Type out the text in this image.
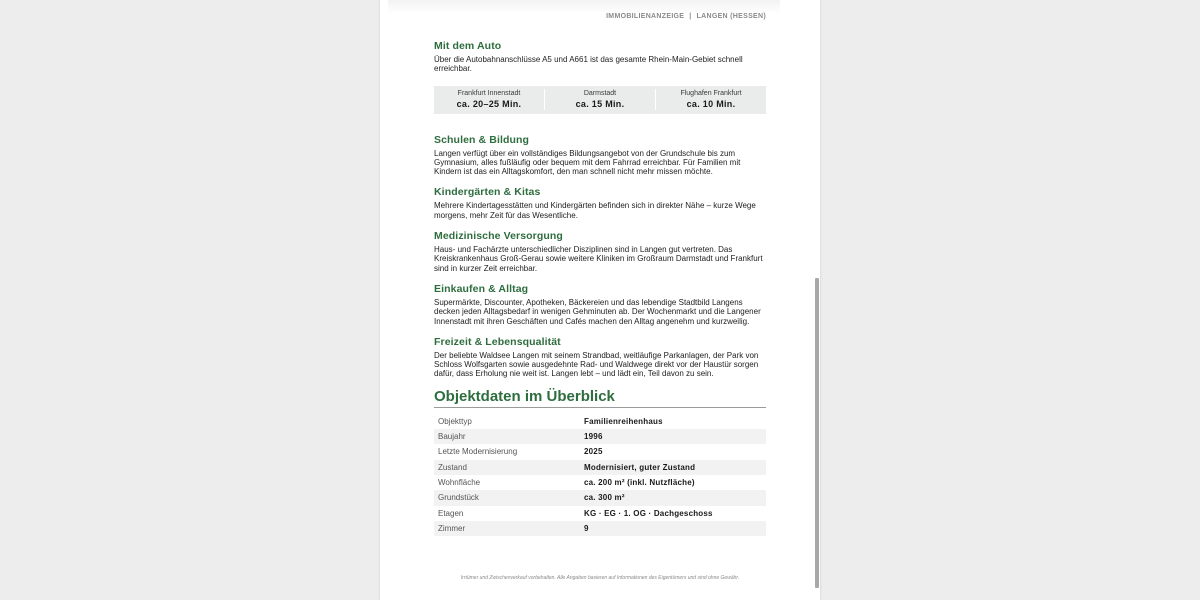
IMMOBILIENANZEIGE | LANGEN (HESSEN)
Mit dem Auto

Über die Autobahnanschlüsse A5 und A661 ist das gesamte Rhein-Main-Gebiet schnell erreichbar.

Frankfurt Innenstadt
ca. 20–25 Min.
Darmstadt
ca. 15 Min.
Flughafen Frankfurt
ca. 10 Min.
Schulen & Bildung

Langen verfügt über ein vollständiges Bildungsangebot von der Grundschule bis zum Gymnasium, alles fußläufig oder bequem mit dem Fahrrad erreichbar. Für Familien mit Kindern ist das ein Alltagskomfort, den man schnell nicht mehr missen möchte.

Kindergärten & Kitas

Mehrere Kindertagesstätten und Kindergärten befinden sich in direkter Nähe – kurze Wege morgens, mehr Zeit für das Wesentliche.

Medizinische Versorgung

Haus- und Fachärzte unterschiedlicher Disziplinen sind in Langen gut vertreten. Das Kreiskrankenhaus Groß-Gerau sowie weitere Kliniken im Großraum Darmstadt und Frankfurt sind in kurzer Zeit erreichbar.

Einkaufen & Alltag

Supermärkte, Discounter, Apotheken, Bäckereien und das lebendige Stadtbild Langens decken jeden Alltagsbedarf in wenigen Gehminuten ab. Der Wochenmarkt und die Langener Innenstadt mit ihren Geschäften und Cafés machen den Alltag angenehm und kurzweilig.

Freizeit & Lebensqualität

Der beliebte Waldsee Langen mit seinem Strandbad, weitläufige Parkanlagen, der Park von Schloss Wolfsgarten sowie ausgedehnte Rad- und Waldwege direkt vor der Haustür sorgen dafür, dass Erholung nie weit ist. Langen lebt – und lädt ein, Teil davon zu sein.

Objektdaten im Überblick
Objekttyp	Familienreihenhaus
Baujahr	1996
Letzte Modernisierung	2025
Zustand	Modernisiert, guter Zustand
Wohnfläche	ca. 200 m² (inkl. Nutzfläche)
Grundstück	ca. 300 m²
Etagen	KG · EG · 1. OG · Dachgeschoss
Zimmer	9
Irrtümer und Zwischenverkauf vorbehalten. Alle Angaben basieren auf Informationen des Eigentümers und sind ohne Gewähr.
